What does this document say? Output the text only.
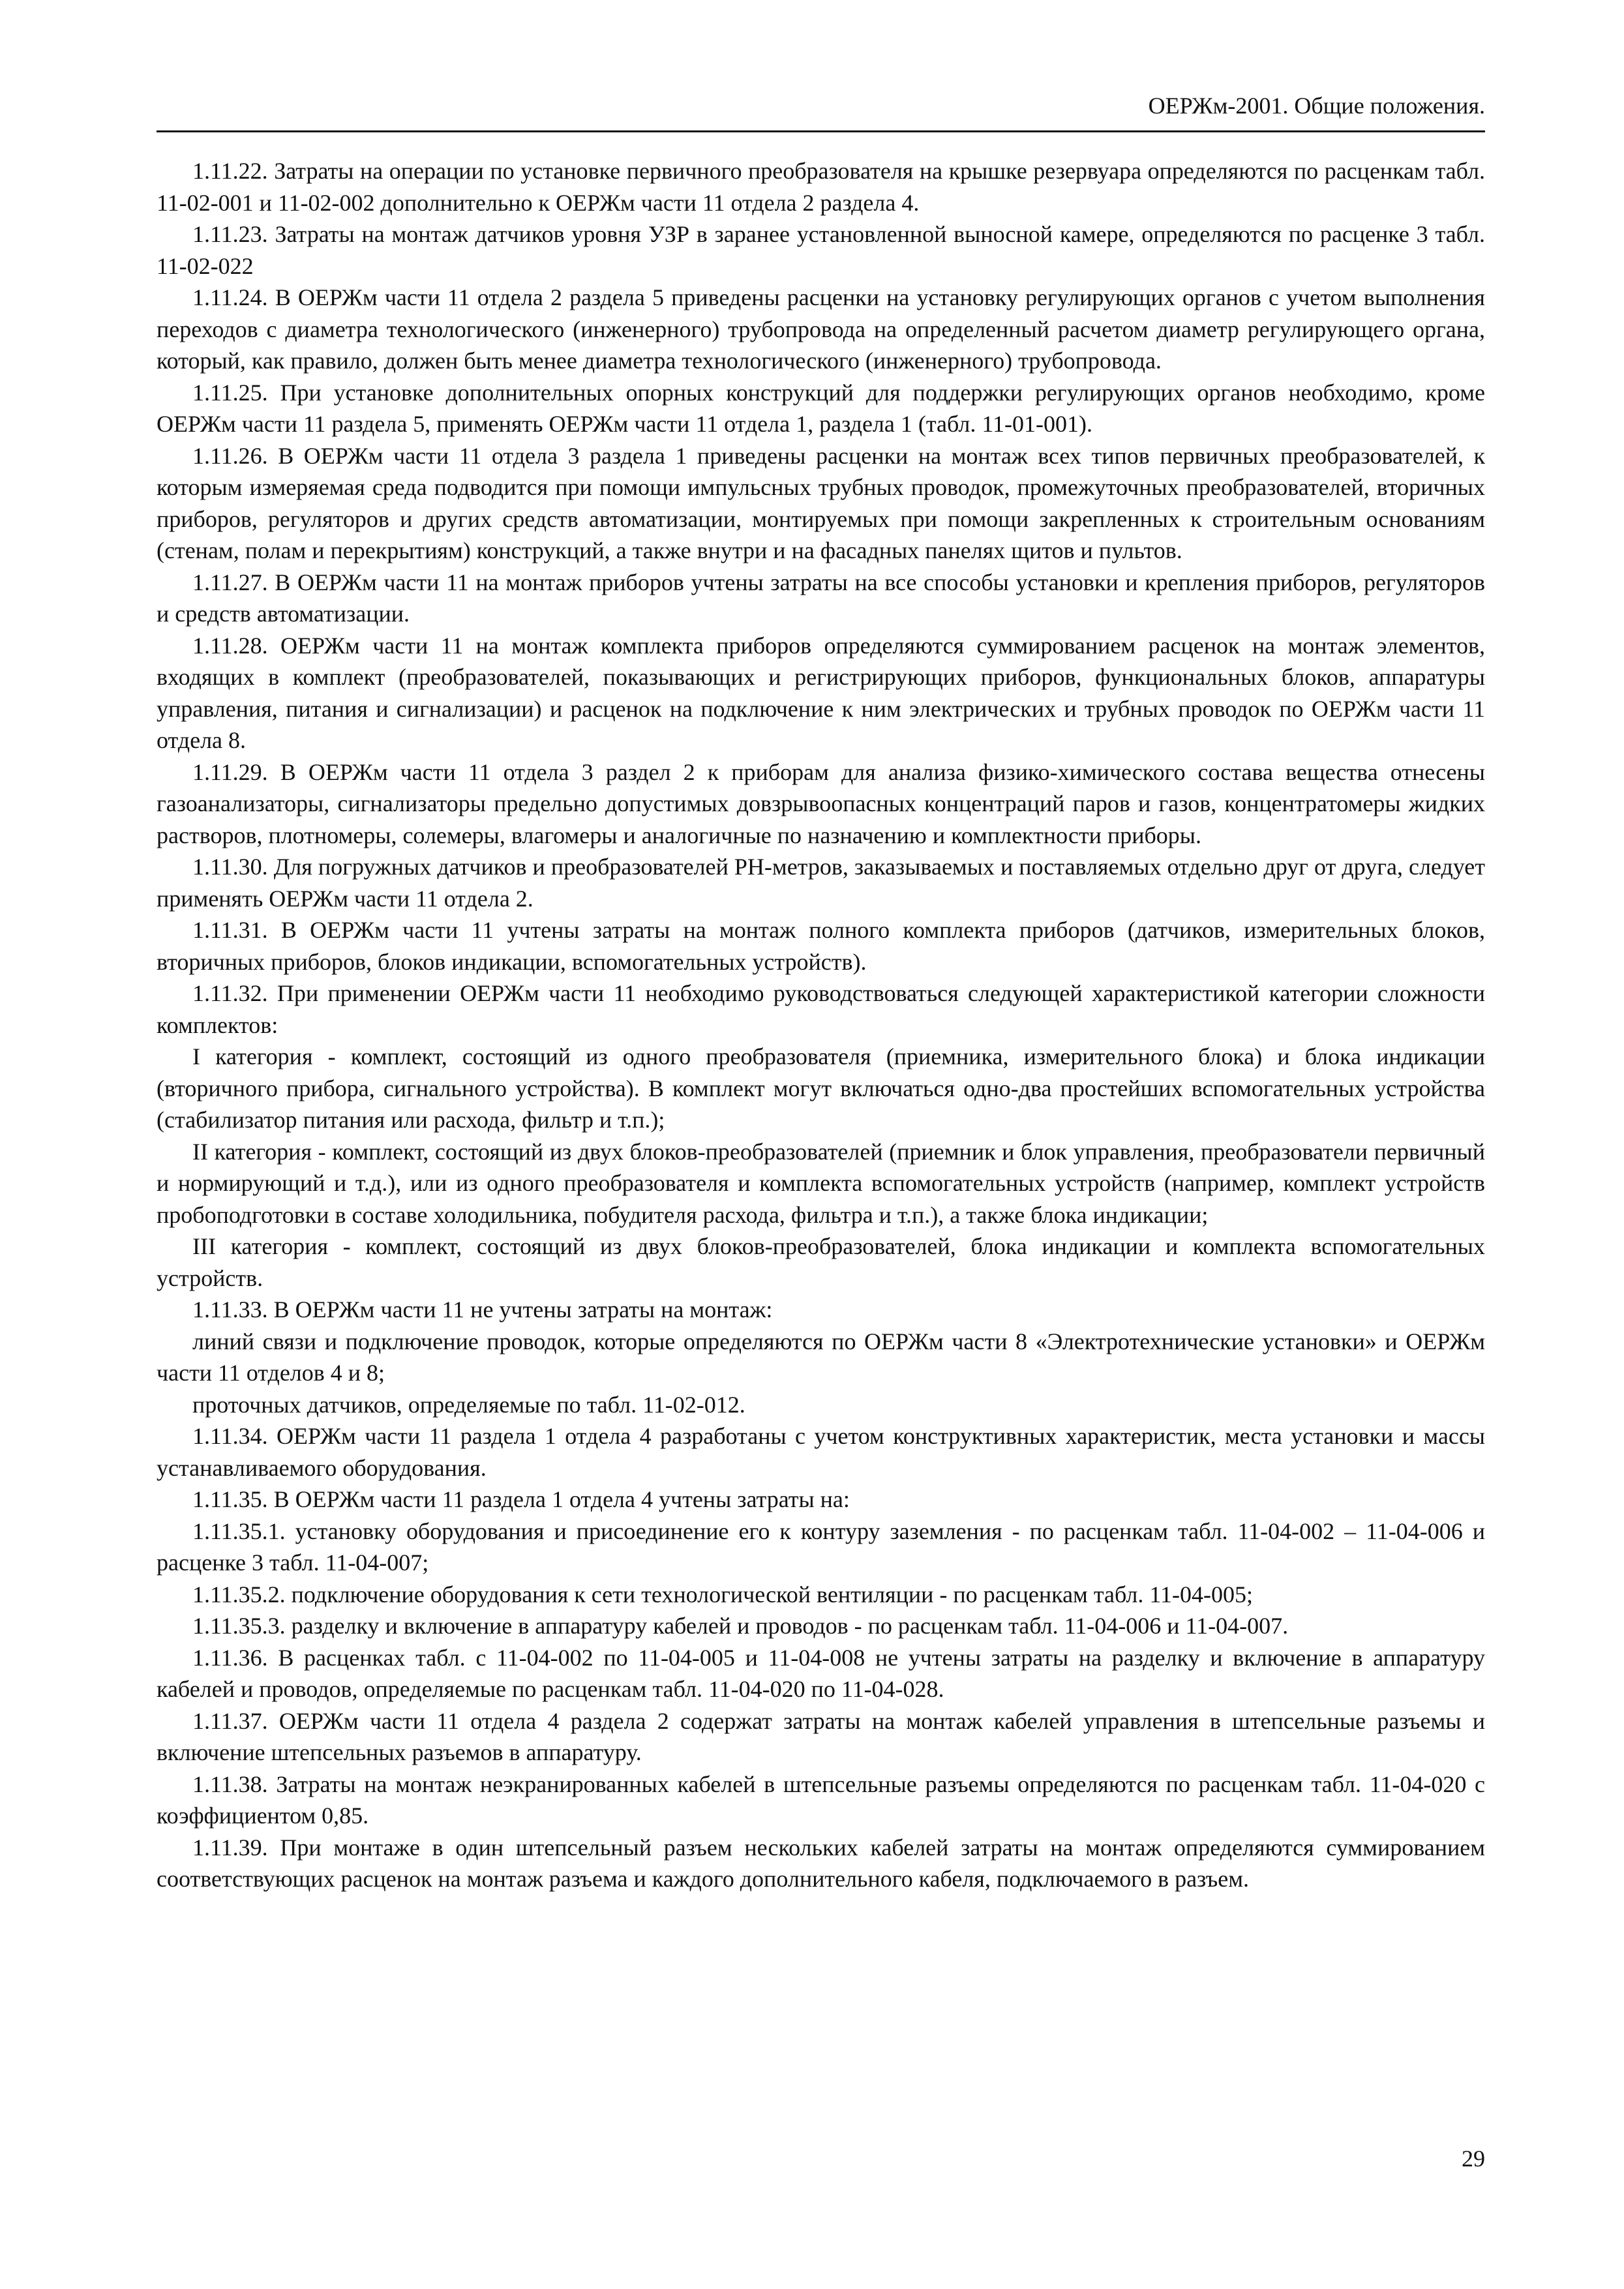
ОЕРЖм-2001. Общие положения.

1.11.22. Затраты на операции по установке первичного преобразователя на крышке резервуара определяются по расценкам табл. 11-02-001 и 11-02-002 дополнительно к ОЕРЖм части 11 отдела 2 раздела 4.

1.11.23. Затраты на монтаж датчиков уровня УЗР в заранее установленной выносной камере, определяются по расценке 3 табл. 11-02-022

1.11.24. В ОЕРЖм части 11 отдела 2 раздела 5 приведены расценки на установку регулирующих органов с учетом выполнения переходов с диаметра технологического (инженерного) трубопровода на определенный расчетом диаметр регулирующего органа, который, как правило, должен быть менее диаметра технологического (инженерного) трубопровода.

1.11.25. При установке дополнительных опорных конструкций для поддержки регулирующих органов необходимо, кроме ОЕРЖм части 11 раздела 5, применять ОЕРЖм части 11 отдела 1, раздела 1 (табл. 11-01-001).

1.11.26. В ОЕРЖм части 11 отдела 3 раздела 1 приведены расценки на монтаж всех типов первичных преобразователей, к которым измеряемая среда подводится при помощи импульсных трубных проводок, промежуточных преобразователей, вторичных приборов, регуляторов и других средств автоматизации, монтируемых при помощи закрепленных к строительным основаниям (стенам, полам и перекрытиям) конструкций, а также внутри и на фасадных панелях щитов и пультов.

1.11.27. В ОЕРЖм части 11 на монтаж приборов учтены затраты на все способы установки и крепления приборов, регуляторов и средств автоматизации.

1.11.28. ОЕРЖм части 11 на монтаж комплекта приборов определяются суммированием расценок на монтаж элементов, входящих в комплект (преобразователей, показывающих и регистрирующих приборов, функциональных блоков, аппаратуры управления, питания и сигнализации) и расценок на подключение к ним электрических и трубных проводок по ОЕРЖм части 11 отдела 8.

1.11.29. В ОЕРЖм части 11 отдела 3 раздел 2 к приборам для анализа физико-химического состава вещества отнесены газоанализаторы, сигнализаторы предельно допустимых довзрывоопасных концентраций паров и газов, концентратомеры жидких растворов, плотномеры, солемеры, влагомеры и аналогичные по назначению и комплектности приборы.

1.11.30. Для погружных датчиков и преобразователей PH-метров, заказываемых и поставляемых отдельно друг от друга, следует применять ОЕРЖм части 11 отдела 2.

1.11.31. В ОЕРЖм части 11 учтены затраты на монтаж полного комплекта приборов (датчиков, измерительных блоков, вторичных приборов, блоков индикации, вспомогательных устройств).

1.11.32. При применении ОЕРЖм части 11 необходимо руководствоваться следующей характеристикой категории сложности комплектов:

I категория - комплект, состоящий из одного преобразователя (приемника, измерительного блока) и блока индикации (вторичного прибора, сигнального устройства). В комплект могут включаться одно-два простейших вспомогательных устройства (стабилизатор питания или расхода, фильтр и т.п.);

II категория - комплект, состоящий из двух блоков-преобразователей (приемник и блок управления, преобразователи первичный и нормирующий и т.д.), или из одного преобразователя и комплекта вспомогательных устройств (например, комплект устройств пробоподготовки в составе холодильника, побудителя расхода, фильтра и т.п.), а также блока индикации;

III категория - комплект, состоящий из двух блоков-преобразователей, блока индикации и комплекта вспомогательных устройств.

1.11.33. В ОЕРЖм части 11 не учтены затраты на монтаж:

линий связи и подключение проводок, которые определяются по ОЕРЖм части 8 «Электротехнические установки» и ОЕРЖм части 11 отделов 4 и 8;

проточных датчиков, определяемые по табл. 11-02-012.

1.11.34. ОЕРЖм части 11 раздела 1 отдела 4 разработаны с учетом конструктивных характеристик, места установки и массы устанавливаемого оборудования.

1.11.35. В ОЕРЖм части 11 раздела 1 отдела 4 учтены затраты на:

1.11.35.1. установку оборудования и присоединение его к контуру заземления - по расценкам табл. 11-04-002 – 11-04-006 и расценке 3 табл. 11-04-007;

1.11.35.2. подключение оборудования к сети технологической вентиляции - по расценкам табл. 11-04-005;

1.11.35.3. разделку и включение в аппаратуру кабелей и проводов - по расценкам табл. 11-04-006 и 11-04-007.

1.11.36. В расценках табл. с 11-04-002 по 11-04-005 и 11-04-008 не учтены затраты на разделку и включение в аппаратуру кабелей и проводов, определяемые по расценкам табл. 11-04-020 по 11-04-028.

1.11.37. ОЕРЖм части 11 отдела 4 раздела 2 содержат затраты на монтаж кабелей управления в штепсельные разъемы и включение штепсельных разъемов в аппаратуру.

1.11.38. Затраты на монтаж неэкранированных кабелей в штепсельные разъемы определяются по расценкам табл. 11-04-020 с коэффициентом 0,85.

1.11.39. При монтаже в один штепсельный разъем нескольких кабелей затраты на монтаж определяются суммированием соответствующих расценок на монтаж разъема и каждого дополнительного кабеля, подключаемого в разъем.

29
